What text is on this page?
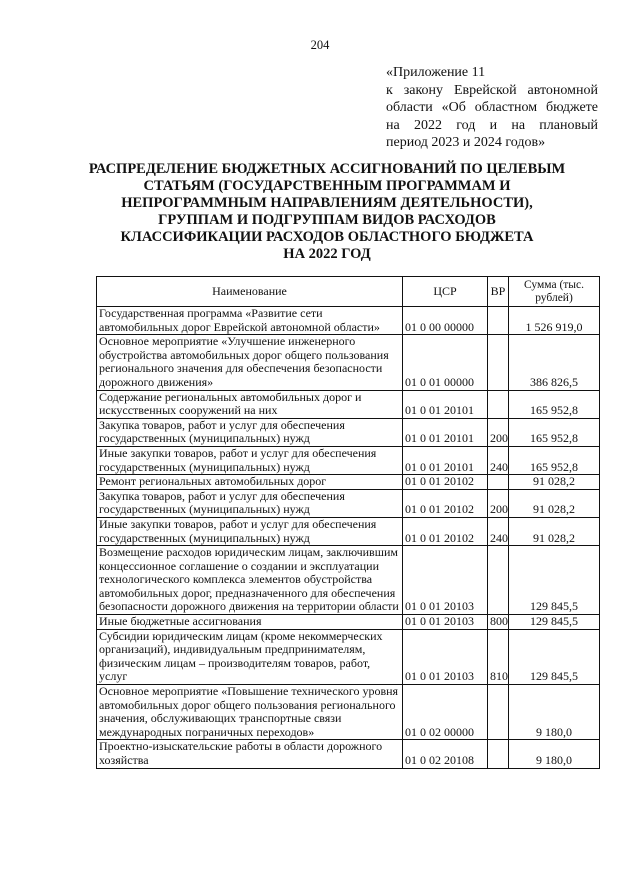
204
«Приложение 11
к закону Еврейской автономной
области «Об областном бюджете
на 2022 год и на плановый
период 2023 и 2024 годов»
РАСПРЕДЕЛЕНИЕ БЮДЖЕТНЫХ АССИГНОВАНИЙ ПО ЦЕЛЕВЫМ
СТАТЬЯМ (ГОСУДАРСТВЕННЫМ ПРОГРАММАМ И
НЕПРОГРАММНЫМ НАПРАВЛЕНИЯМ ДЕЯТЕЛЬНОСТИ),
ГРУППАМ И ПОДГРУППАМ ВИДОВ РАСХОДОВ
КЛАССИФИКАЦИИ РАСХОДОВ ОБЛАСТНОГО БЮДЖЕТА
НА 2022 ГОД
Наименование	ЦСР	ВР	Сумма (тыс. рублей)
Государственная программа «Развитие сети автомобильных дорог Еврейской автономной области»	01 0 00 00000		1 526 919,0
Основное мероприятие «Улучшение инженерного обустройства автомобильных дорог общего пользования регионального значения для обеспечения безопасности дорожного движения»	01 0 01 00000		386 826,5
Содержание региональных автомобильных дорог и искусственных сооружений на них	01 0 01 20101		165 952,8
Закупка товаров, работ и услуг для обеспечения государственных (муниципальных) нужд	01 0 01 20101	200	165 952,8
Иные закупки товаров, работ и услуг для обеспечения государственных (муниципальных) нужд	01 0 01 20101	240	165 952,8
Ремонт региональных автомобильных дорог	01 0 01 20102		91 028,2
Закупка товаров, работ и услуг для обеспечения государственных (муниципальных) нужд	01 0 01 20102	200	91 028,2
Иные закупки товаров, работ и услуг для обеспечения государственных (муниципальных) нужд	01 0 01 20102	240	91 028,2
Возмещение расходов юридическим лицам, заключившим концессионное соглашение о создании и эксплуатации технологического комплекса элементов обустройства автомобильных дорог, предназначенного для обеспечения безопасности дорожного движения на территории области	01 0 01 20103		129 845,5
Иные бюджетные ассигнования	01 0 01 20103	800	129 845,5
Субсидии юридическим лицам (кроме некоммерческих организаций), индивидуальным предпринимателям, физическим лицам – производителям товаров, работ, услуг	01 0 01 20103	810	129 845,5
Основное мероприятие «Повышение технического уровня автомобильных дорог общего пользования регионального значения, обслуживающих транспортные связи международных пограничных переходов»	01 0 02 00000		9 180,0
Проектно-изыскательские работы в области дорожного хозяйства	01 0 02 20108		9 180,0
